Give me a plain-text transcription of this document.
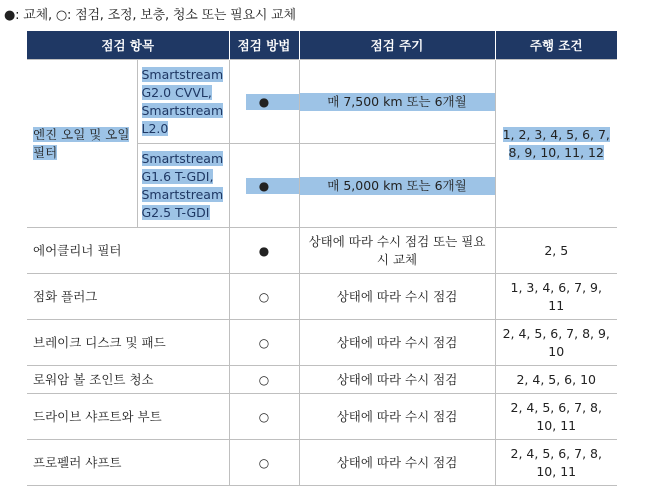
●: 교체, ○: 점검, 조정, 보충, 청소 또는 필요시 교체
점검 항목		점검 방법	점검 주기	주행 조건
엔진 오일 및 오일 필터	Smartstream G2.0 CVVL, Smartstream L2.0	●	매 7,500 km 또는 6개월	1, 2, 3, 4, 5, 6, 7, 8, 9, 10, 11, 12
	Smartstream G1.6 T-GDI, Smartstream G2.5 T-GDI	●	매 5,000 km 또는 6개월	

에어클리너 필터		●	상태에 따라 수시 점검 또는 필요시 교체	2, 5
점화 플러그		○	상태에 따라 수시 점검	1, 3, 4, 6, 7, 9, 11
브레이크 디스크 및 패드		○	상태에 따라 수시 점검	2, 4, 5, 6, 7, 8, 9, 10
로워암 볼 조인트 청소		○	상태에 따라 수시 점검	2, 4, 5, 6, 10
드라이브 샤프트와 부트		○	상태에 따라 수시 점검	2, 4, 5, 6, 7, 8, 10, 11
프로펠러 샤프트		○	상태에 따라 수시 점검	2, 4, 5, 6, 7, 8, 10, 11
